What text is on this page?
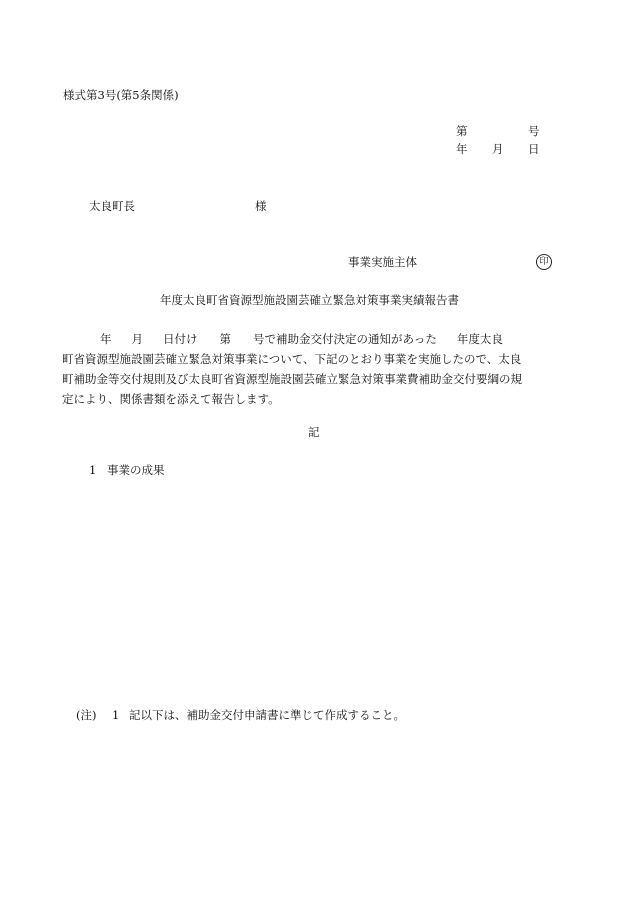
様式第3号(第5条関係)
第	号
年 月 日
太良町長	様
事業実施主体	印
年度太良町省資源型施設園芸確立緊急対策事業実績報告書
年 月 日付け 第 号で補助金交付決定の通知があった 年度太良
町省資源型施設園芸確立緊急対策事業について、下記のとおり事業を実施したので、太良
町補助金等交付規則及び太良町省資源型施設園芸確立緊急対策事業費補助金交付要綱の規
定により、関係書類を添えて報告します。
記
1 事業の成果
(注) 1 記以下は、補助金交付申請書に準じて作成すること。
